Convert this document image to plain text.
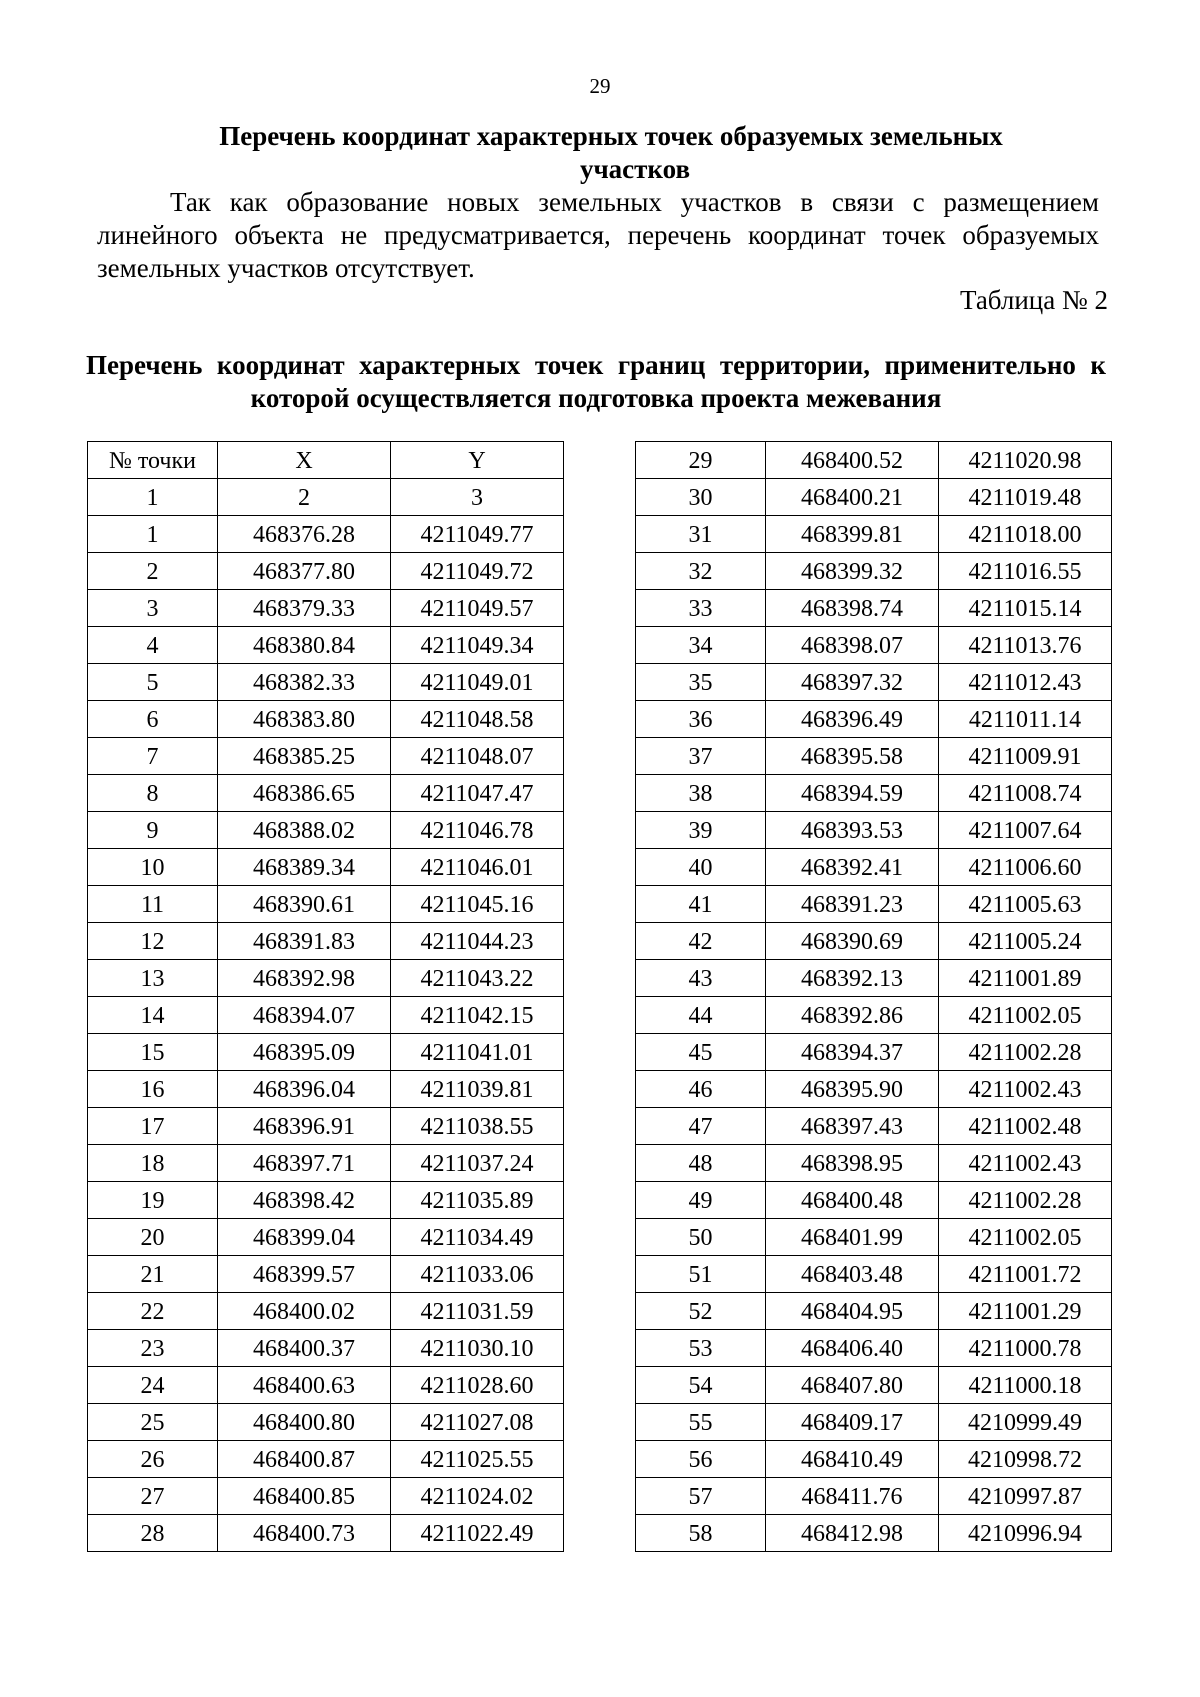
29
Перечень координат характерных точек образуемых земельных
участков
Так как образование новых земельных участков в связи с размещением
линейного объекта не предусматривается, перечень координат точек образуемых
земельных участков отсутствует.
Таблица № 2
Перечень координат характерных точек границ территории, применительно к
которой осуществляется подготовка проекта межевания
№ точки	X	Y
1	2	3
1	468376.28	4211049.77
2	468377.80	4211049.72
3	468379.33	4211049.57
4	468380.84	4211049.34
5	468382.33	4211049.01
6	468383.80	4211048.58
7	468385.25	4211048.07
8	468386.65	4211047.47
9	468388.02	4211046.78
10	468389.34	4211046.01
11	468390.61	4211045.16
12	468391.83	4211044.23
13	468392.98	4211043.22
14	468394.07	4211042.15
15	468395.09	4211041.01
16	468396.04	4211039.81
17	468396.91	4211038.55
18	468397.71	4211037.24
19	468398.42	4211035.89
20	468399.04	4211034.49
21	468399.57	4211033.06
22	468400.02	4211031.59
23	468400.37	4211030.10
24	468400.63	4211028.60
25	468400.80	4211027.08
26	468400.87	4211025.55
27	468400.85	4211024.02
28	468400.73	4211022.49
29	468400.52	4211020.98
30	468400.21	4211019.48
31	468399.81	4211018.00
32	468399.32	4211016.55
33	468398.74	4211015.14
34	468398.07	4211013.76
35	468397.32	4211012.43
36	468396.49	4211011.14
37	468395.58	4211009.91
38	468394.59	4211008.74
39	468393.53	4211007.64
40	468392.41	4211006.60
41	468391.23	4211005.63
42	468390.69	4211005.24
43	468392.13	4211001.89
44	468392.86	4211002.05
45	468394.37	4211002.28
46	468395.90	4211002.43
47	468397.43	4211002.48
48	468398.95	4211002.43
49	468400.48	4211002.28
50	468401.99	4211002.05
51	468403.48	4211001.72
52	468404.95	4211001.29
53	468406.40	4211000.78
54	468407.80	4211000.18
55	468409.17	4210999.49
56	468410.49	4210998.72
57	468411.76	4210997.87
58	468412.98	4210996.94
